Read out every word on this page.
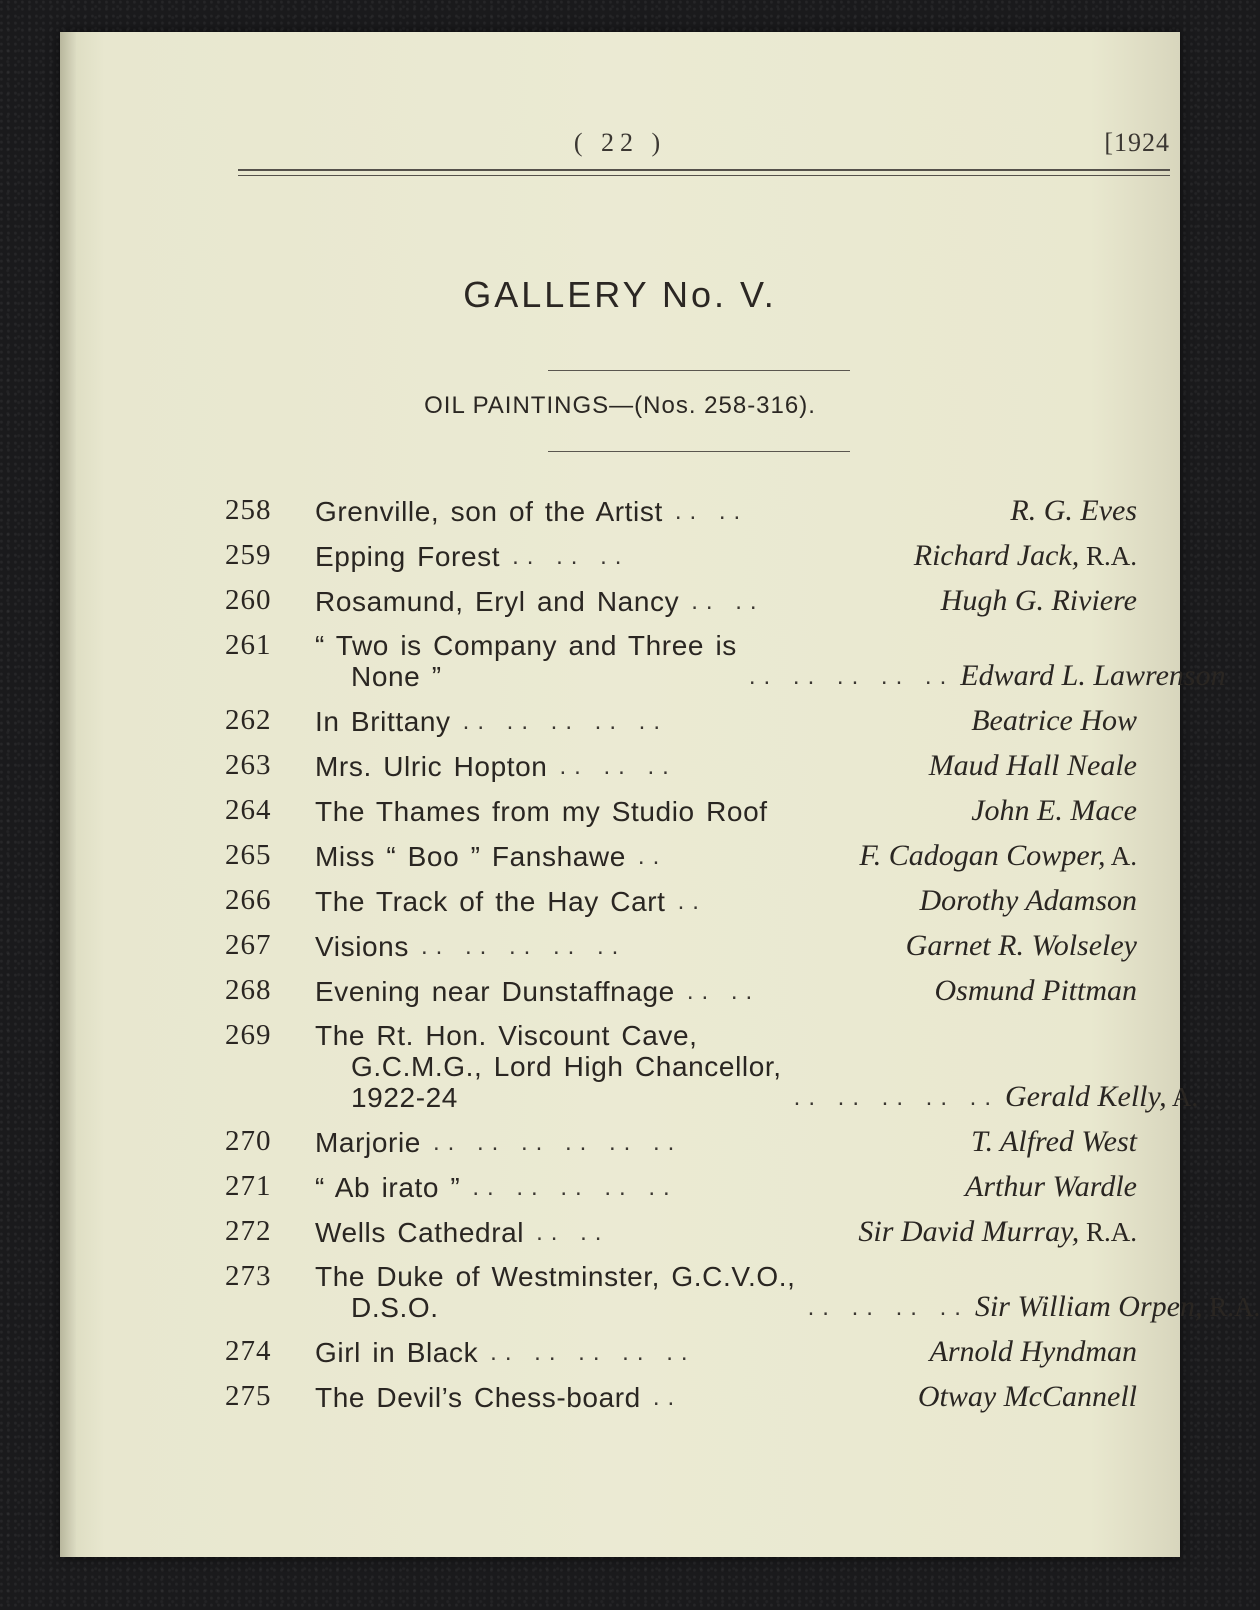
( 22 )	[1924
GALLERY No. V.
OIL PAINTINGS—(Nos. 258-316).
258 Grenville, son of the Artist .. ..	R. G. Eves
259 Epping Forest .. .. ..	Richard Jack, R.A.
260 Rosamund, Eryl and Nancy .. ..	Hugh G. Riviere
261 “ Two is Company and Three is
None ”	.. .. .. .. .. Edward L. Lawrenson
262 In Brittany .. .. .. .. ..	Beatrice How
263 Mrs. Ulric Hopton .. .. ..	Maud Hall Neale
264 The Thames from my Studio Roof	John E. Mace
265 Miss “ Boo ” Fanshawe ..	F. Cadogan Cowper, A.
266 The Track of the Hay Cart ..	Dorothy Adamson
267 Visions .. .. .. .. ..	Garnet R. Wolseley
268 Evening near Dunstaffnage .. ..	Osmund Pittman
269 The Rt. Hon. Viscount Cave,
G.C.M.G., Lord High Chancellor,
1922-24	.. .. .. .. .. Gerald Kelly, A.
270 Marjorie .. .. .. .. .. ..	T. Alfred West
271 “ Ab irato ” .. .. .. .. ..	Arthur Wardle
272 Wells Cathedral .. ..	Sir David Murray, R.A.
273 The Duke of Westminster, G.C.V.O.,
D.S.O.	.. .. .. .. Sir William Orpen, R.A.
274 Girl in Black .. .. .. .. ..	Arnold Hyndman
275 The Devil’s Chess-board ..	Otway McCannell
